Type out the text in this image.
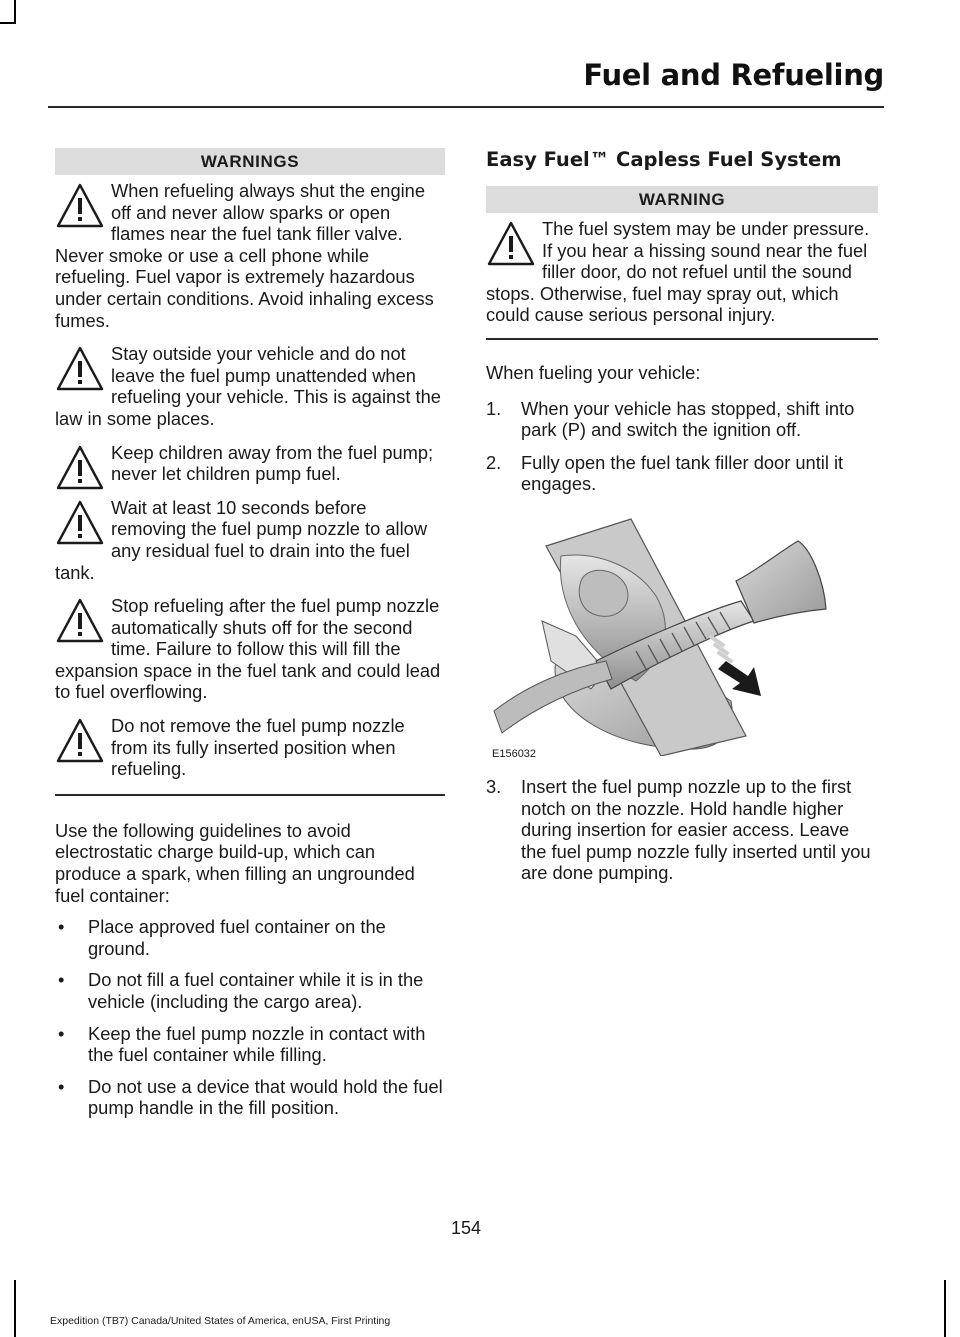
Fuel and Refueling
WARNINGS
When refueling always shut the engine off and never allow sparks or open flames near the fuel tank filler valve. Never smoke or use a cell phone while refueling. Fuel vapor is extremely hazardous under certain conditions. Avoid inhaling excess fumes.
Stay outside your vehicle and do not leave the fuel pump unattended when refueling your vehicle. This is against the law in some places.
Keep children away from the fuel pump; never let children pump fuel.
Wait at least 10 seconds before removing the fuel pump nozzle to allow any residual fuel to drain into the fuel tank.
Stop refueling after the fuel pump nozzle automatically shuts off for the second time. Failure to follow this will fill the expansion space in the fuel tank and could lead to fuel overflowing.
Do not remove the fuel pump nozzle from its fully inserted position when refueling.

Use the following guidelines to avoid electrostatic charge build-up, which can produce a spark, when filling an ungrounded fuel container:

• Place approved fuel container on the ground.
• Do not fill a fuel container while it is in the vehicle (including the cargo area).
• Keep the fuel pump nozzle in contact with the fuel container while filling.
• Do not use a device that would hold the fuel pump handle in the fill position.
Easy Fuel™ Capless Fuel System
WARNING
The fuel system may be under pressure. If you hear a hissing sound near the fuel filler door, do not refuel until the sound stops. Otherwise, fuel may spray out, which could cause serious personal injury.

When fueling your vehicle:

1. When your vehicle has stopped, shift into park (P) and switch the ignition off.
2. Fully open the fuel tank filler door until it engages.
E156032
3. Insert the fuel pump nozzle up to the first notch on the nozzle. Hold handle higher during insertion for easier access. Leave the fuel pump nozzle fully inserted until you are done pumping.
154
Expedition (TB7) Canada/United States of America, enUSA, First Printing
